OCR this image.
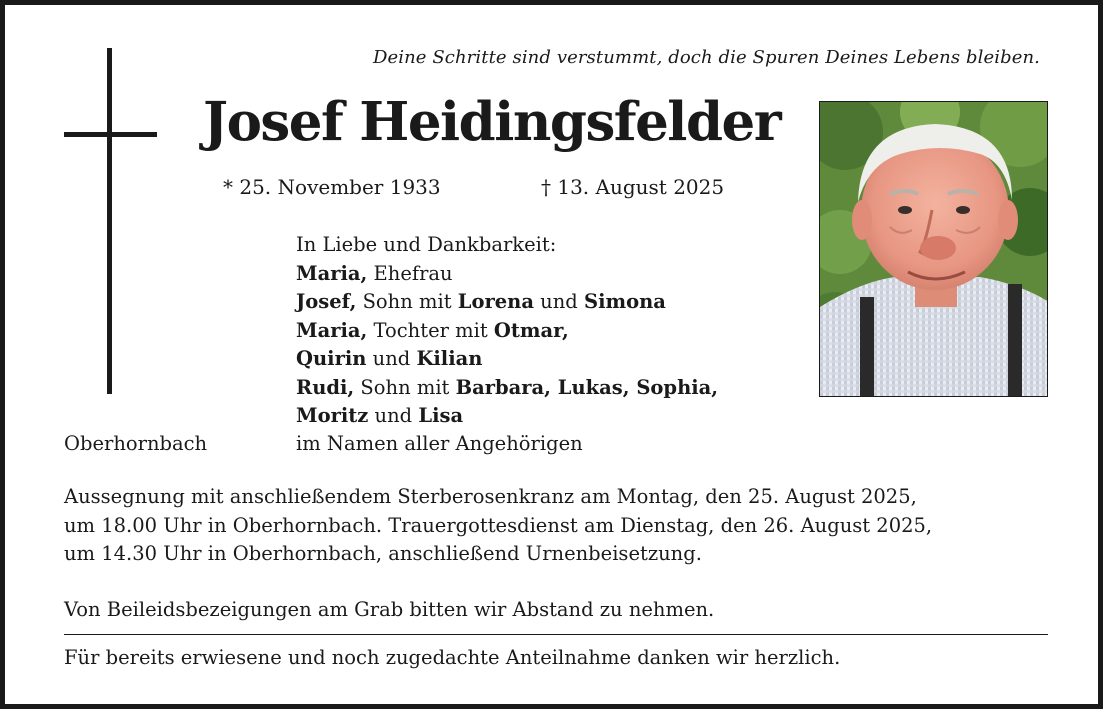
Deine Schritte sind verstummt, doch die Spuren Deines Lebens bleiben.
Josef Heidingsfelder
* 25. November 1933	† 13. August 2025
In Liebe und Dankbarkeit:
Maria, Ehefrau
Josef, Sohn mit Lorena und Simona
Maria, Tochter mit Otmar,
Quirin und Kilian
Rudi, Sohn mit Barbara, Lukas, Sophia,
Moritz und Lisa
Oberhornbach	im Namen aller Angehörigen
Aussegnung mit anschließendem Sterberosenkranz am Montag, den 25. August 2025,
um 18.00 Uhr in Oberhornbach. Trauergottesdienst am Dienstag, den 26. August 2025,
um 14.30 Uhr in Oberhornbach, anschließend Urnenbeisetzung.
Von Beileidsbezeigungen am Grab bitten wir Abstand zu nehmen.
Für bereits erwiesene und noch zugedachte Anteilnahme danken wir herzlich.
